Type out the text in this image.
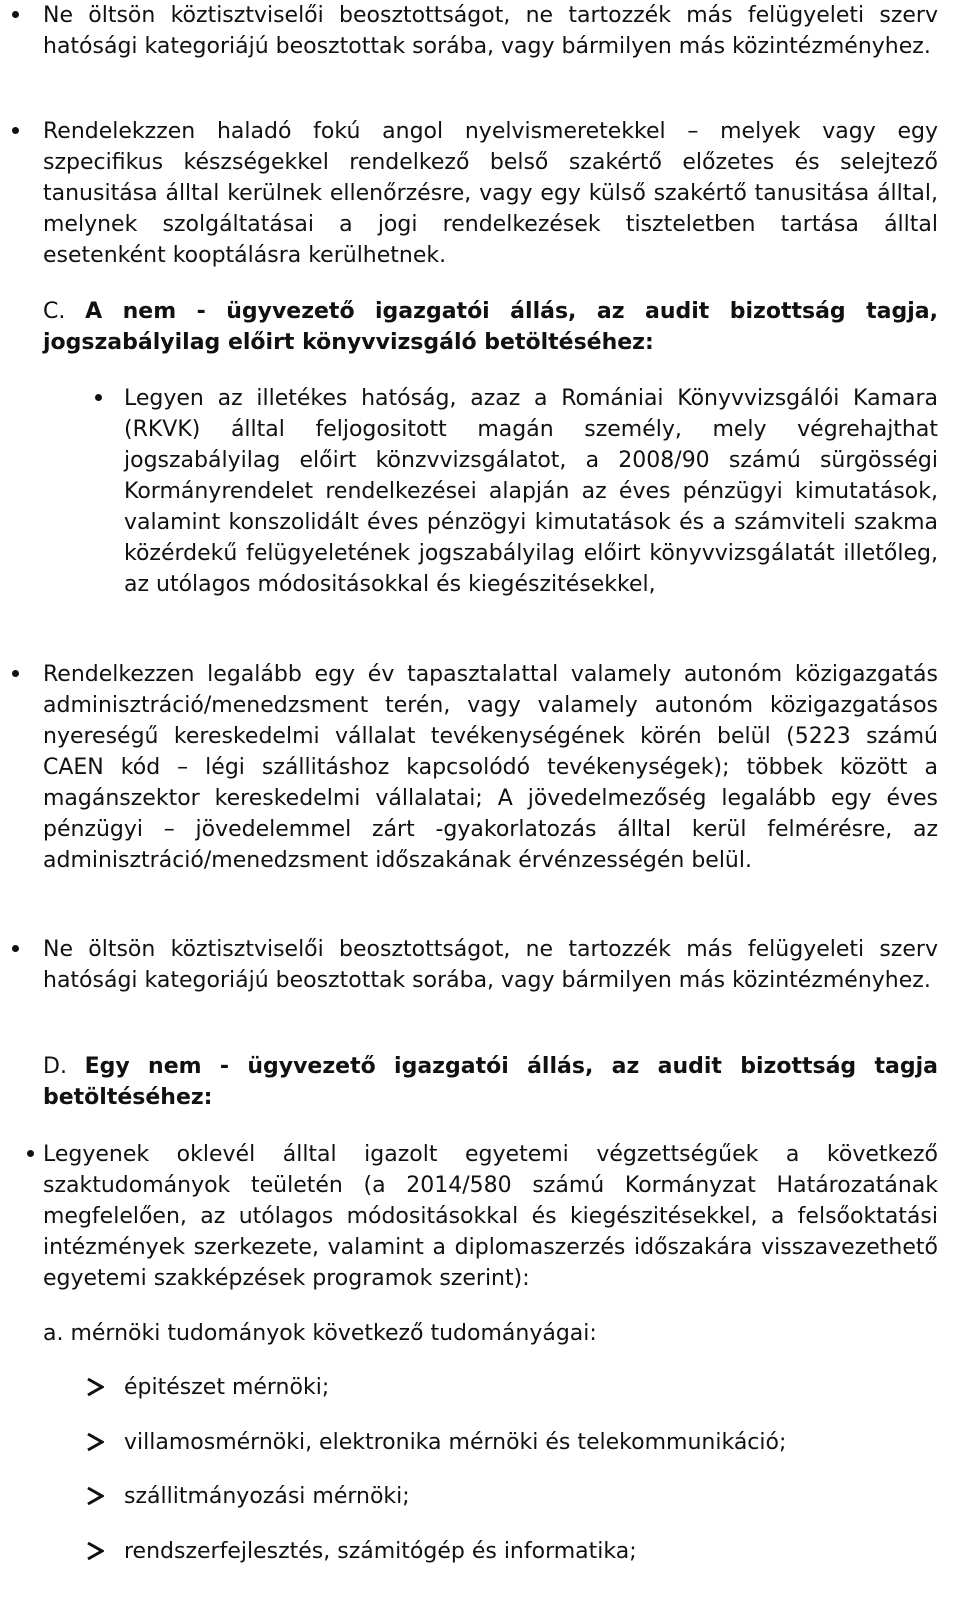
Ne öltsön köztisztviselői beosztottságot, ne tartozzék más felügyeleti szerv hatósági kategoriájú beosztottak sorába, vagy bármilyen más közintézményhez.

Rendelekzzen haladó fokú angol nyelvismeretekkel – melyek vagy egy szpecifikus készségekkel rendelkező belső szakértő előzetes és selejtező tanusitása álltal kerülnek ellenőrzésre, vagy egy külső szakértő tanusitása álltal, melynek szolgáltatásai a jogi rendelkezések tiszteletben tartása álltal esetenként kooptálásra kerülhetnek.

C. A nem - ügyvezető igazgatói állás, az audit bizottság tagja, jogszabályilag előirt könyvvizsgáló betöltéséhez:

Legyen az illetékes hatóság, azaz a Romániai Könyvvizsgálói Kamara (RKVK) álltal feljogositott magán személy, mely végrehajthat jogszabályilag előirt könzvvizsgálatot, a 2008/90 számú sürgösségi Kormányrendelet rendelkezései alapján az éves pénzügyi kimutatások, valamint konszolidált éves pénzögyi kimutatások és a számviteli szakma közérdekű felügyeletének jogszabályilag előirt könyvvizsgálatát illetőleg, az utólagos módositásokkal és kiegészitésekkel,

Rendelkezzen legalább egy év tapasztalattal valamely autonóm közigazgatás adminisztráció/menedzsment terén, vagy valamely autonóm közigazgatásos nyereségű kereskedelmi vállalat tevékenységének körén belül (5223 számú CAEN kód – légi szállitáshoz kapcsolódó tevékenységek); többek között a magánszektor kereskedelmi vállalatai; A jövedelmezőség legalább egy éves pénzügyi – jövedelemmel zárt -gyakorlatozás álltal kerül felmérésre, az adminisztráció/menedzsment időszakának érvénzességén belül.

Ne öltsön köztisztviselői beosztottságot, ne tartozzék más felügyeleti szerv hatósági kategoriájú beosztottak sorába, vagy bármilyen más közintézményhez.

D. Egy nem - ügyvezető igazgatói állás, az audit bizottság tagja betöltéséhez:

Legyenek oklevél álltal igazolt egyetemi végzettségűek a következő szaktudományok teületén (a 2014/580 számú Kormányzat Határozatának megfelelően, az utólagos módositásokkal és kiegészitésekkel, a felsőoktatási intézmények szerkezete, valamint a diplomaszerzés időszakára visszavezethető egyetemi szakképzések programok szerint):

a. mérnöki tudományok következő tudományágai:

épitészet mérnöki;

villamosmérnöki, elektronika mérnöki és telekommunikáció;

szállitmányozási mérnöki;

rendszerfejlesztés, számitógép és informatika;
